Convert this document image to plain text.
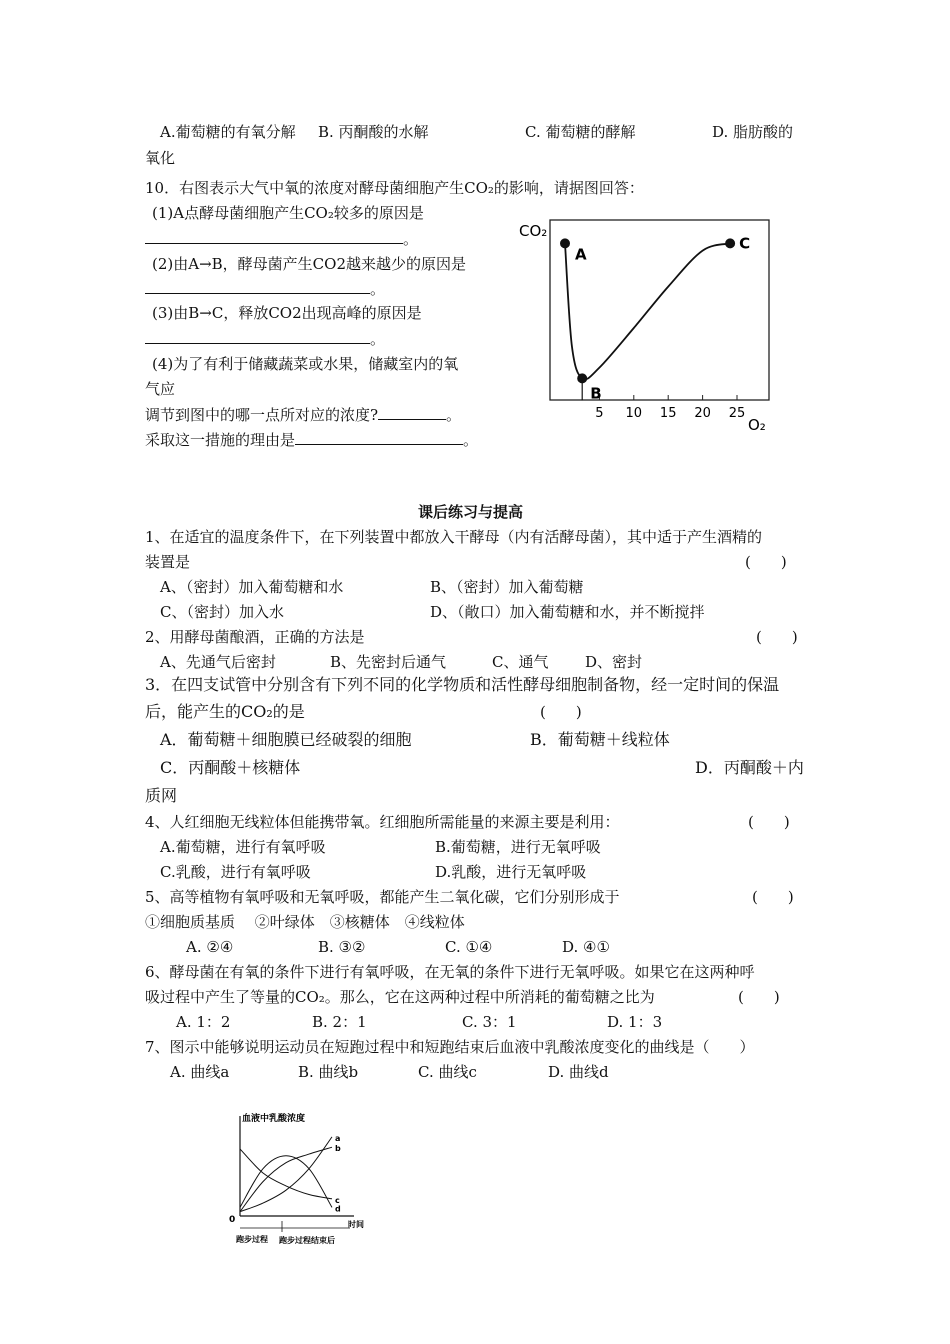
A.葡萄糖的有氧分解 B. 丙酮酸的水解	C. 葡萄糖的酵解	D. 脂肪酸的
氧化
10．右图表示大气中氧的浓度对酵母菌细胞产生CO₂的影响，请据图回答：
(1)A点酵母菌细胞产生CO₂较多的原因是
。
(2)由A→B，酵母菌产生CO2越来越少的原因是
。
(3)由B→C，释放CO2出现高峰的原因是
。
(4)为了有利于储藏蔬菜或水果，储藏室内的氧
气应
调节到图中的哪一点所对应的浓度?	。
采取这一措施的理由是	。
CO₂
O₂
5 10 15 20 25
A
B
C
课后练习与提高
1、在适宜的温度条件下，在下列装置中都放入干酵母（内有活酵母菌），其中适于产生酒精的
装置是	(　　)
A、（密封）加入葡萄糖和水	B、（密封）加入葡萄糖
C、（密封）加入水	D、（敞口）加入葡萄糖和水，并不断搅拌
2、用酵母菌酿酒，正确的方法是	(　　)
A、先通气后密封	B、先密封后通气	C、通气 D、密封
3．在四支试管中分别含有下列不同的化学物质和活性酵母细胞制备物，经一定时间的保温
后，能产生的CO₂的是	(　　)
A．葡萄糖＋细胞膜已经破裂的细胞	B．葡萄糖＋线粒体
C．丙酮酸＋核糖体	D．丙酮酸＋内
质网
4、人红细胞无线粒体但能携带氧。红细胞所需能量的来源主要是利用：	(　　)
A.葡萄糖，进行有氧呼吸	B.葡萄糖，进行无氧呼吸
C.乳酸，进行有氧呼吸	D.乳酸，进行无氧呼吸
5、高等植物有氧呼吸和无氧呼吸，都能产生二氧化碳，它们分别形成于	(　　)
①细胞质基质　 ②叶绿体　③核糖体　④线粒体
A. ②④	B. ③②	C. ①④	D. ④①
6、酵母菌在有氧的条件下进行有氧呼吸，在无氧的条件下进行无氧呼吸。如果它在这两种呼
吸过程中产生了等量的CO₂。那么，它在这两种过程中所消耗的葡萄糖之比为	(　　)
A. 1：2	B. 2：1	C. 3：1	D. 1：3
7、图示中能够说明运动员在短跑过程中和短跑结束后血液中乳酸浓度变化的曲线是（　　）
A. 曲线a	B. 曲线b	C. 曲线c	D. 曲线d
血液中乳酸浓度
0	时间
跑步过程 跑步过程结束后
a
b
c
d
